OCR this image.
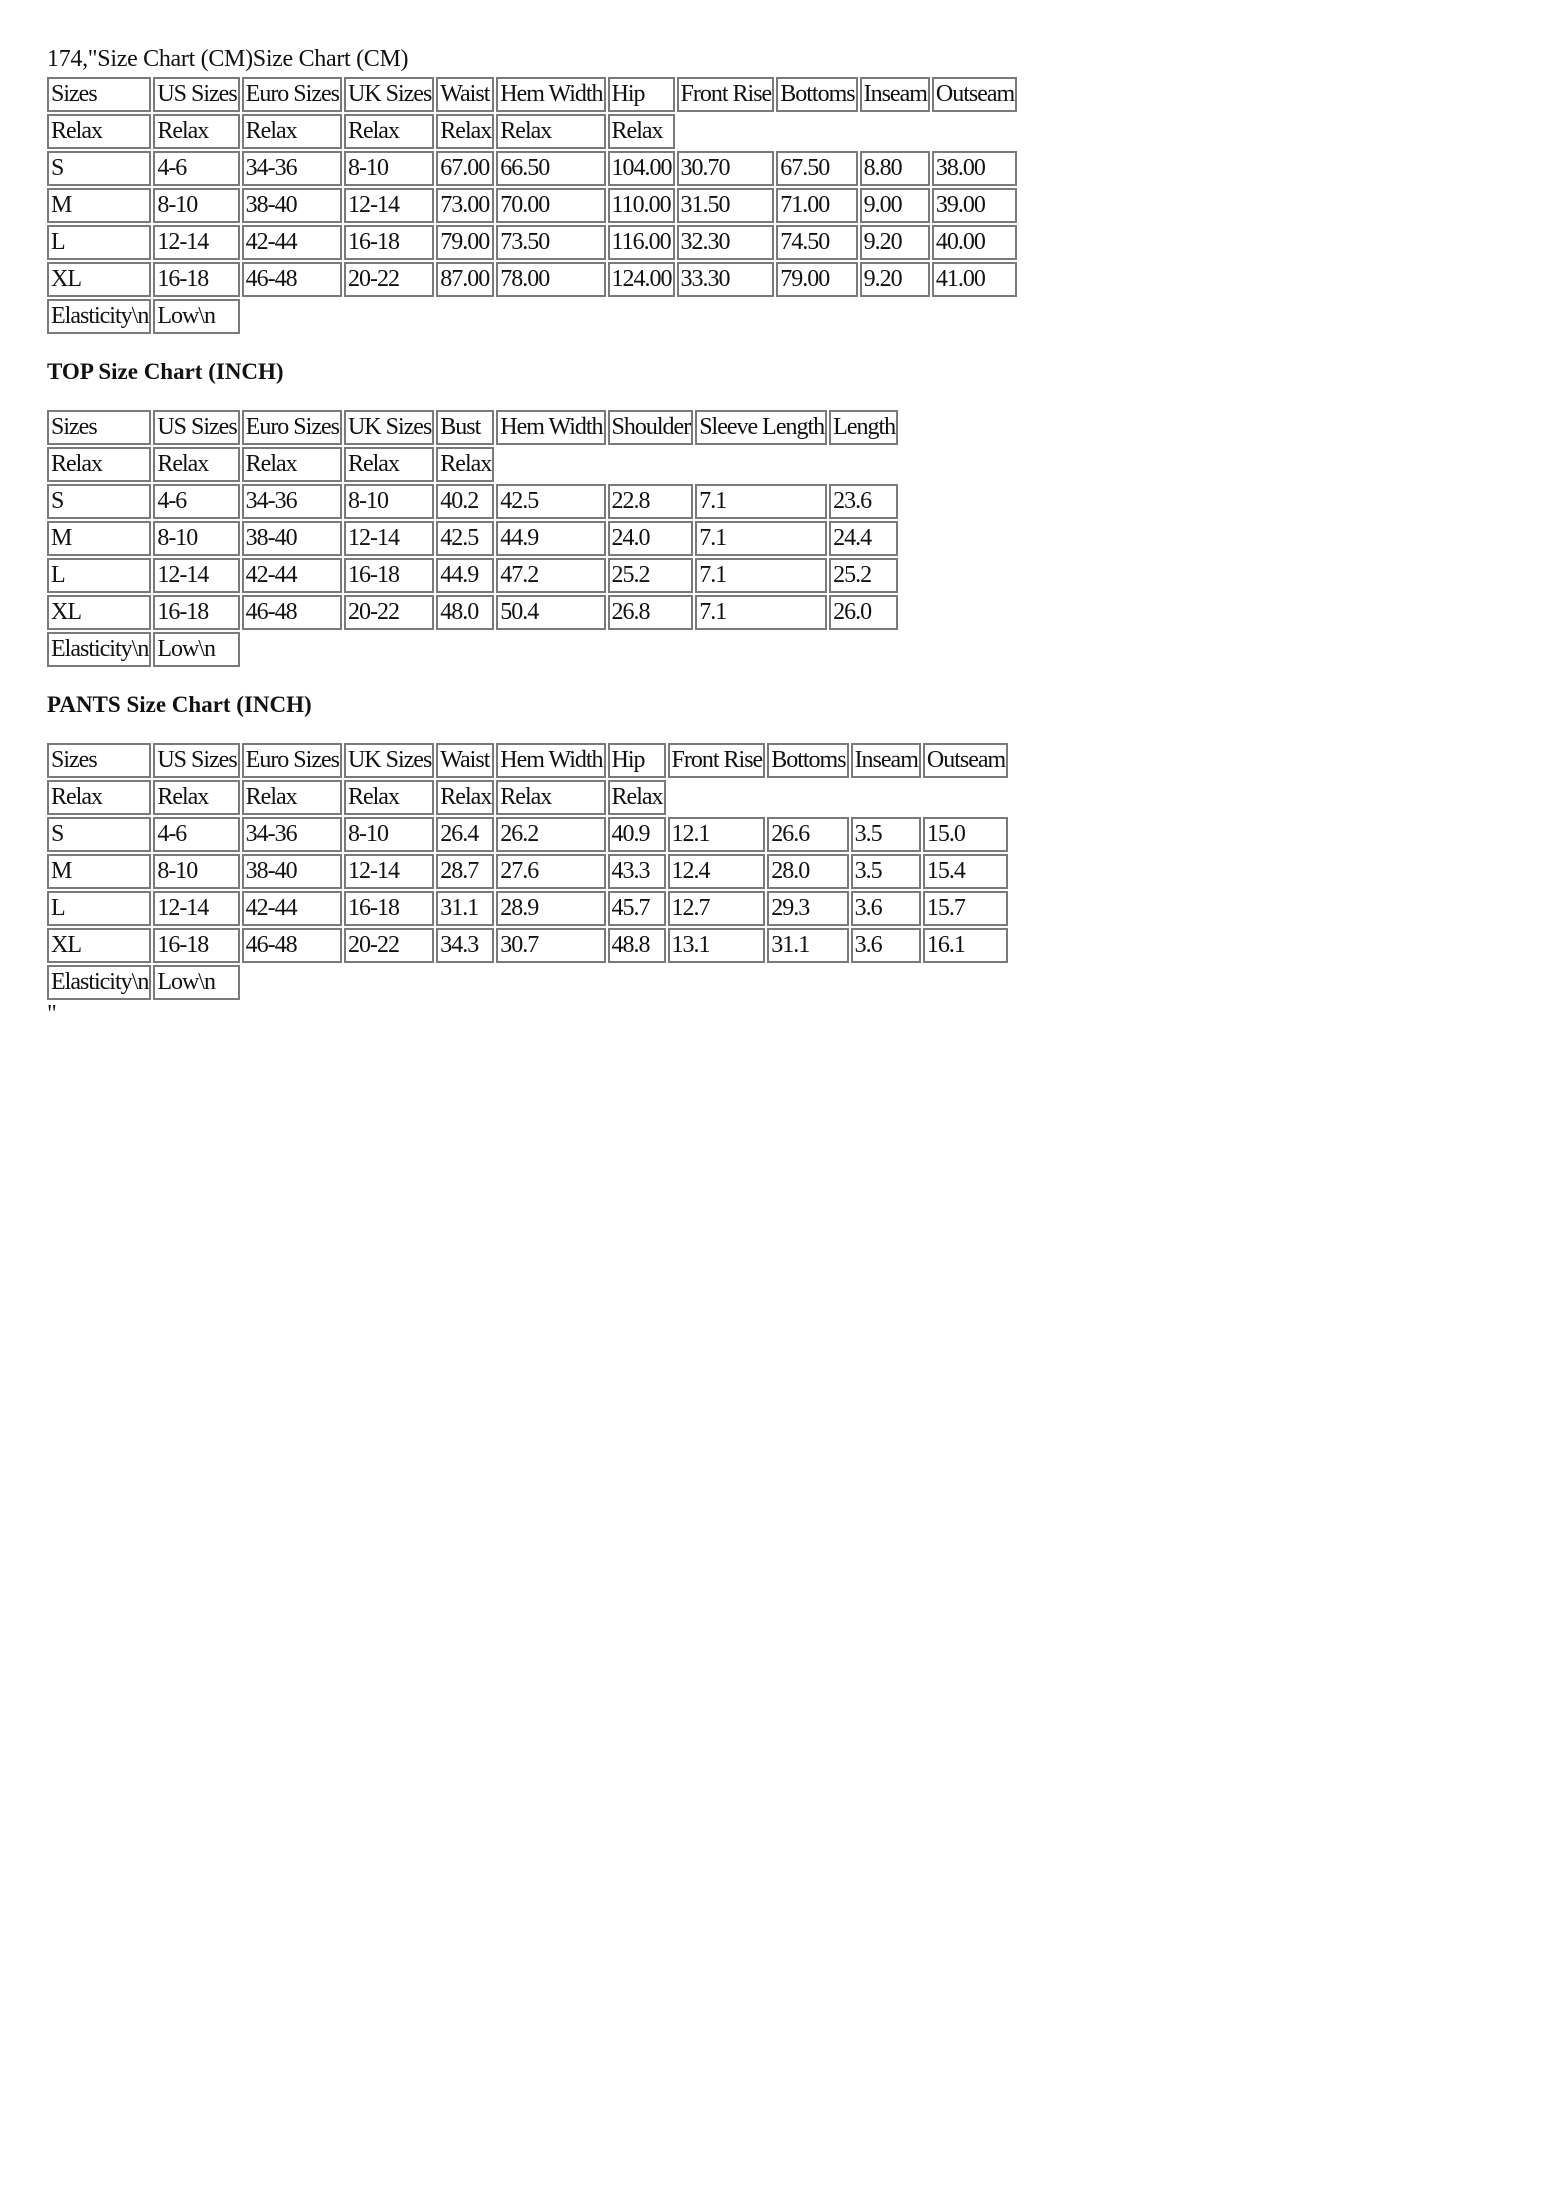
174,"Size Chart (CM)Size Chart (CM)
Sizes	US Sizes	Euro Sizes	UK Sizes	Waist	Hem Width	Hip	Front Rise	Bottoms	Inseam	Outseam
Relax	Relax	Relax	Relax	Relax	Relax	Relax				
S	4-6	34-36	8-10	67.00	66.50	104.00	30.70	67.50	8.80	38.00
M	8-10	38-40	12-14	73.00	70.00	110.00	31.50	71.00	9.00	39.00
L	12-14	42-44	16-18	79.00	73.50	116.00	32.30	74.50	9.20	40.00
XL	16-18	46-48	20-22	87.00	78.00	124.00	33.30	79.00	9.20	41.00
Elasticity\n	Low\n									
TOP Size Chart (INCH)
Sizes	US Sizes	Euro Sizes	UK Sizes	Bust	Hem Width	Shoulder	Sleeve Length	Length
Relax	Relax	Relax	Relax	Relax				
S	4-6	34-36	8-10	40.2	42.5	22.8	7.1	23.6
M	8-10	38-40	12-14	42.5	44.9	24.0	7.1	24.4
L	12-14	42-44	16-18	44.9	47.2	25.2	7.1	25.2
XL	16-18	46-48	20-22	48.0	50.4	26.8	7.1	26.0
Elasticity\n	Low\n							
PANTS Size Chart (INCH)
Sizes	US Sizes	Euro Sizes	UK Sizes	Waist	Hem Width	Hip	Front Rise	Bottoms	Inseam	Outseam
Relax	Relax	Relax	Relax	Relax	Relax	Relax				
S	4-6	34-36	8-10	26.4	26.2	40.9	12.1	26.6	3.5	15.0
M	8-10	38-40	12-14	28.7	27.6	43.3	12.4	28.0	3.5	15.4
L	12-14	42-44	16-18	31.1	28.9	45.7	12.7	29.3	3.6	15.7
XL	16-18	46-48	20-22	34.3	30.7	48.8	13.1	31.1	3.6	16.1
Elasticity\n	Low\n									
"
